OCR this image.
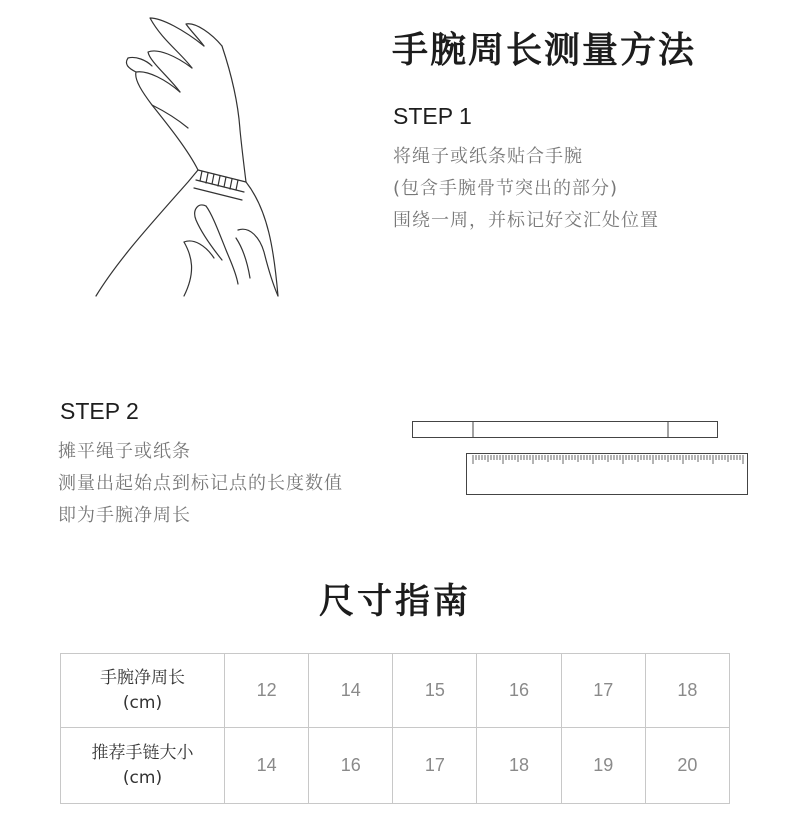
手腕周长测量方法
STEP 1
将绳子或纸条贴合手腕
(包含手腕骨节突出的部分)
围绕一周，并标记好交汇处位置
STEP 2
摊平绳子或纸条
测量出起始点到标记点的长度数值
即为手腕净周长
尺寸指南
手腕净周长
(cm)	12	14	15	16	17	18

推荐手链大小
(cm)	14	16	17	18	19	20
